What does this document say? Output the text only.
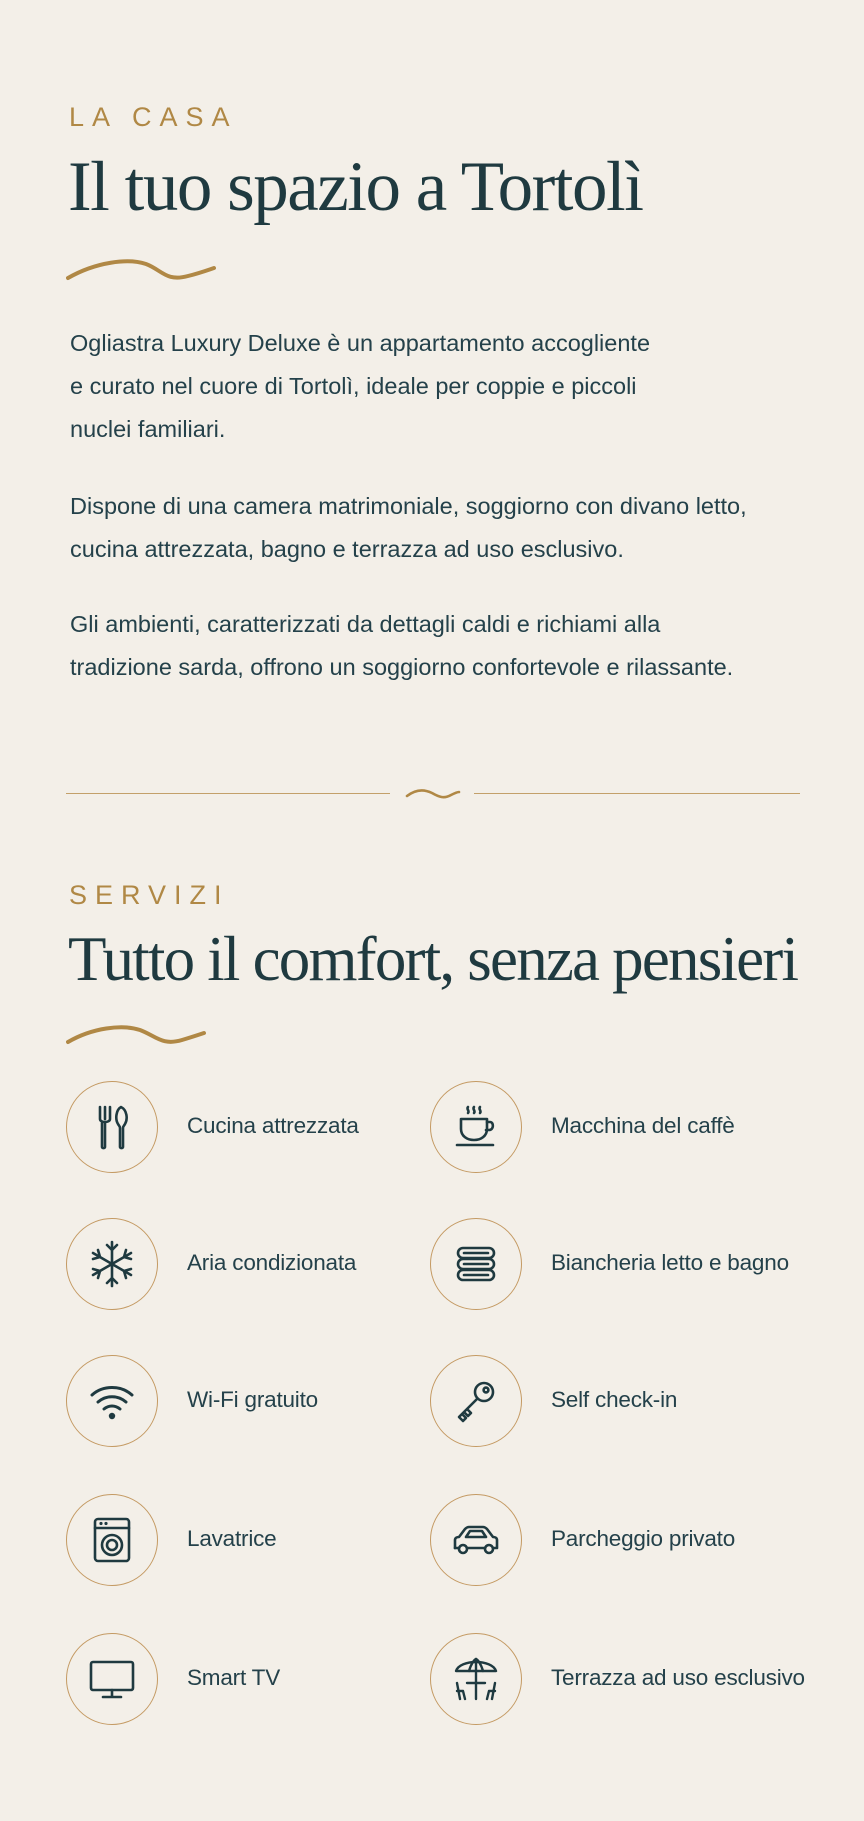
LA CASA
Il tuo spazio a Tortolì
Ogliastra Luxury Deluxe è un appartamento accogliente
e curato nel cuore di Tortolì, ideale per coppie e piccoli
nuclei familiari.
Dispone di una camera matrimoniale, soggiorno con divano letto,
cucina attrezzata, bagno e terrazza ad uso esclusivo.
Gli ambienti, caratterizzati da dettagli caldi e richiami alla
tradizione sarda, offrono un soggiorno confortevole e rilassante.
SERVIZI
Tutto il comfort, senza pensieri
Cucina attrezzata	Macchina del caffè
Aria condizionata	Biancheria letto e bagno
Wi-Fi gratuito	Self check-in
Lavatrice	Parcheggio privato
Smart TV	Terrazza ad uso esclusivo
